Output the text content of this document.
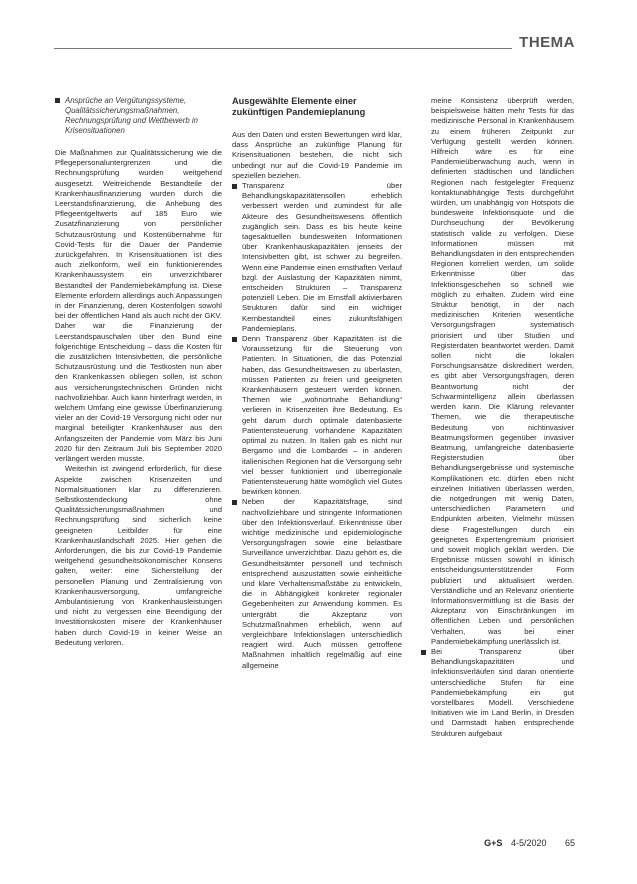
THEMA
Ansprüche an Vergütungssysteme, Qualitätssicherungsmaßnahmen, Rechnungsprüfung und Wettbewerb in Krisensituationen

Die Maßnahmen zur Qualitätssicherung wie die Pflegepersonaluntergrenzen und die Rechnungsprüfung wurden weitgehend ausgesetzt. Weitreichende Bestandteile der Krankenhausfinanzierung wurden durch die Leerstandsfinanzierung, die Anhebung des Pflegeentgeltwerts auf 185 Euro wie Zusatzfinanzierung von persönlicher Schutzausrüstung und Kostenübernahme für Covid-Tests für die Dauer der Pandemie zurückgefahren. In Krisensituationen ist dies auch zielkonform, weil ein funktionierendes Krankenhaussystem ein unverzichtbarer Bestandteil der Pandemiebekämpfung ist. Diese Elemente erfordern allerdings auch Anpassungen in der Finanzierung, deren Kostenfolgen sowohl bei der öffentlichen Hand als auch nicht der GKV. Daher war die Finanzierung der Leerstandspauschalen über den Bund eine folgerichtige Entscheidung – dass die Kosten für die zusätzlichen Intensivbetten, die persönliche Schutzausrüstung und die Testkosten nun aber den Krankenkassen obliegen sollen, ist schon aus versicherungstechnischen Gründen nicht nachvollziehbar. Auch kann hinterfragt werden, in welchem Umfang eine gewisse Überfinanzierung vieler an der Covid-19 Versorgung nicht oder nur marginal beteiligter Krankenhäuser aus den Anfangszeiten der Pandemie vom März bis Juni 2020 für den Zeitraum Juli bis September 2020 verlängert werden musste.

Weiterhin ist zwingend erforderlich, für diese Aspekte zwischen Krisenzeiten und Normalsituationen klar zu differenzieren. Selbstkostendeckung ohne Qualitätssicherungsmaßnahmen und Rechnungsprüfung sind sicherlich keine geeigneten Leitbilder für eine Krankenhauslandschaft 2025. Hier gehen die Anforderungen, die bis zur Covid-19 Pandemie weitgehend gesundheitsökonomischer Konsens galten, weiter: eine Sicherstellung der personellen Planung und Zentralisierung von Krankenhausversorgung, umfangreiche Ambulantisierung von Krankenhausleistungen und nicht zu vergessen eine Beendigung der Investitionskosten misere der Krankenhäuser haben durch Covid-19 in keiner Weise an Bedeutung verloren.

Ausgewählte Elemente einer zukünftigen Pandemieplanung

Aus den Daten und ersten Bewertungen wird klar, dass Ansprüche an zukünftige Planung für Krisensituationen bestehen, die nicht sich unbedingt nur auf die Covid-19 Pandemie im speziellen beziehen.

Transparenz über Behandlungskapazitätensollen erheblich verbessert werden und zumindest für alle Akteure des Gesundheitswesens öffentlich zugänglich sein. Dass es bis heute keine tagesaktuellen bundesweiten Informationen über Krankenhauskapazitäten jenseits der Intensivbetten gibt, ist schwer zu begreifen. Wenn eine Pandemie einen ernsthaften Verlauf bzgl. der Auslastung der Kapazitäten nimmt, entscheiden Strukturen – Transparenz potenziell Leben. Die im Ernstfall aktivierbaren Strukturen dafür sind ein wichtiger Kernbestandteil eines zukunftsfähigen Pandemieplans.
Denn Transparenz über Kapazitäten ist die Voraussetzung für die Steuerung von Patienten. In Situationen, die das Potenzial haben, das Gesundheitswesen zu überlasten, müssen Patienten zu freien und geeigneten Krankenhäusern gesteuert werden können. Themen wie „wohnortnahe Behandlung“ verlieren in Krisenzeiten ihre Bedeutung. Es geht darum durch optimale datenbasierte Patientensteuerung vorhandene Kapazitäten optimal zu nutzen. In Italien gab es nicht nur Bergamo und die Lombardei – in anderen italienischen Regionen hat die Versorgung sehr viel besser funktioniert und überregionale Patientensteuerung hätte womöglich viel Gutes bewirken können.
Neben der Kapazitätsfrage, sind nachvollziehbare und stringente Informationen über den Infektionsverlauf. Erkenntnisse über wichtige medizinische und epidemiologische Versorgungsfragen sowie eine belastbare Surveillance unverzichtbar. Dazu gehört es, die Gesundheitsämter personell und technisch entsprechend auszustatten sowie einheitliche und klare Verhaltensmaßstäbe zu entwickeln, die in Abhängigkeit konkreter regionaler Gegebenheiten zur Anwendung kommen. Es untergräbt die Akzeptanz von Schutzmaßnahmen erheblich, wenn auf vergleichbare Infektionslagen unterschiedlich reagiert wird. Auch müssen getroffene Maßnahmen inhaltlich regelmäßig auf eine allgemeine

meine Konsistenz überprüft werden, beispielsweise hätten mehr Tests für das medizinische Personal in Krankenhäusern zu einem früheren Zeitpunkt zur Verfügung gestellt werden können. Hilfreich wäre es für eine Pandemieüberwachung auch, wenn in definierten städtischen und ländlichen Regionen nach festgelegter Frequenz kontaktunabhängige Tests durchgeführt würden, um unabhängig von Hotspots die bundesweite Infektionsquote und die Durchseuchung der Bevölkerung statistisch valide zu verfolgen. Diese Informationen müssen mit Behandlungsdaten in den entsprechenden Regionen korreliert werden, um solide Erkenntnisse über das Infektionsgeschehen so schnell wie möglich zu erhalten. Zudem wird eine Struktur benötigt, in der nach medizinischen Kriterien wesentliche Versorgungsfragen systematisch priorisiert und über Studien und Registerdaten beantwortet werden. Damit sollen nicht die lokalen Forschungsansätze diskreditiert werden, es gibt aber Versorgungsfragen, deren Beantwortung nicht der Schwarmintelligenz allein überlassen werden kann. Die Klärung relevanter Themen, wie die therapeutische Bedeutung von nichtinvasiver Beatmungsformen gegenüber invasiver Beatmung, umfangreiche datenbasierte Registerstudien über Behandlungsergebnisse und systemische Komplikationen etc. dürfen eben nicht einzelnen Initiativen überlassen werden, die notgedrungen mit wenig Daten, unterschiedlichen Parametern und Endpunkten arbeiten. Vielmehr müssen diese Fragestellungen durch ein geeignetes Expertengremium priorisiert und soweit möglich geklärt werden. Die Ergebnisse müssen sowohl in klinisch entscheidungsunterstützender Form publiziert und aktualisiert werden. Verständliche und an Relevanz orientierte Informationsvermittlung ist die Basis der Akzeptanz von Einschränkungen im öffentlichen Leben und persönlichen Verhalten, was bei einer Pandemiebekämpfung unerlässlich ist.

Bei Transparenz über Behandlungskapazitäten und Infektionsverläufen sind daran orientierte unterschiedliche Stufen für eine Pandemiebekämpfung ein gut vorstellbares Modell. Verschiedene Initiativen wie im Land Berlin, in Dresden und Darmstadt haben entsprechende Strukturen aufgebaut
G+S 4-5/2020 65
